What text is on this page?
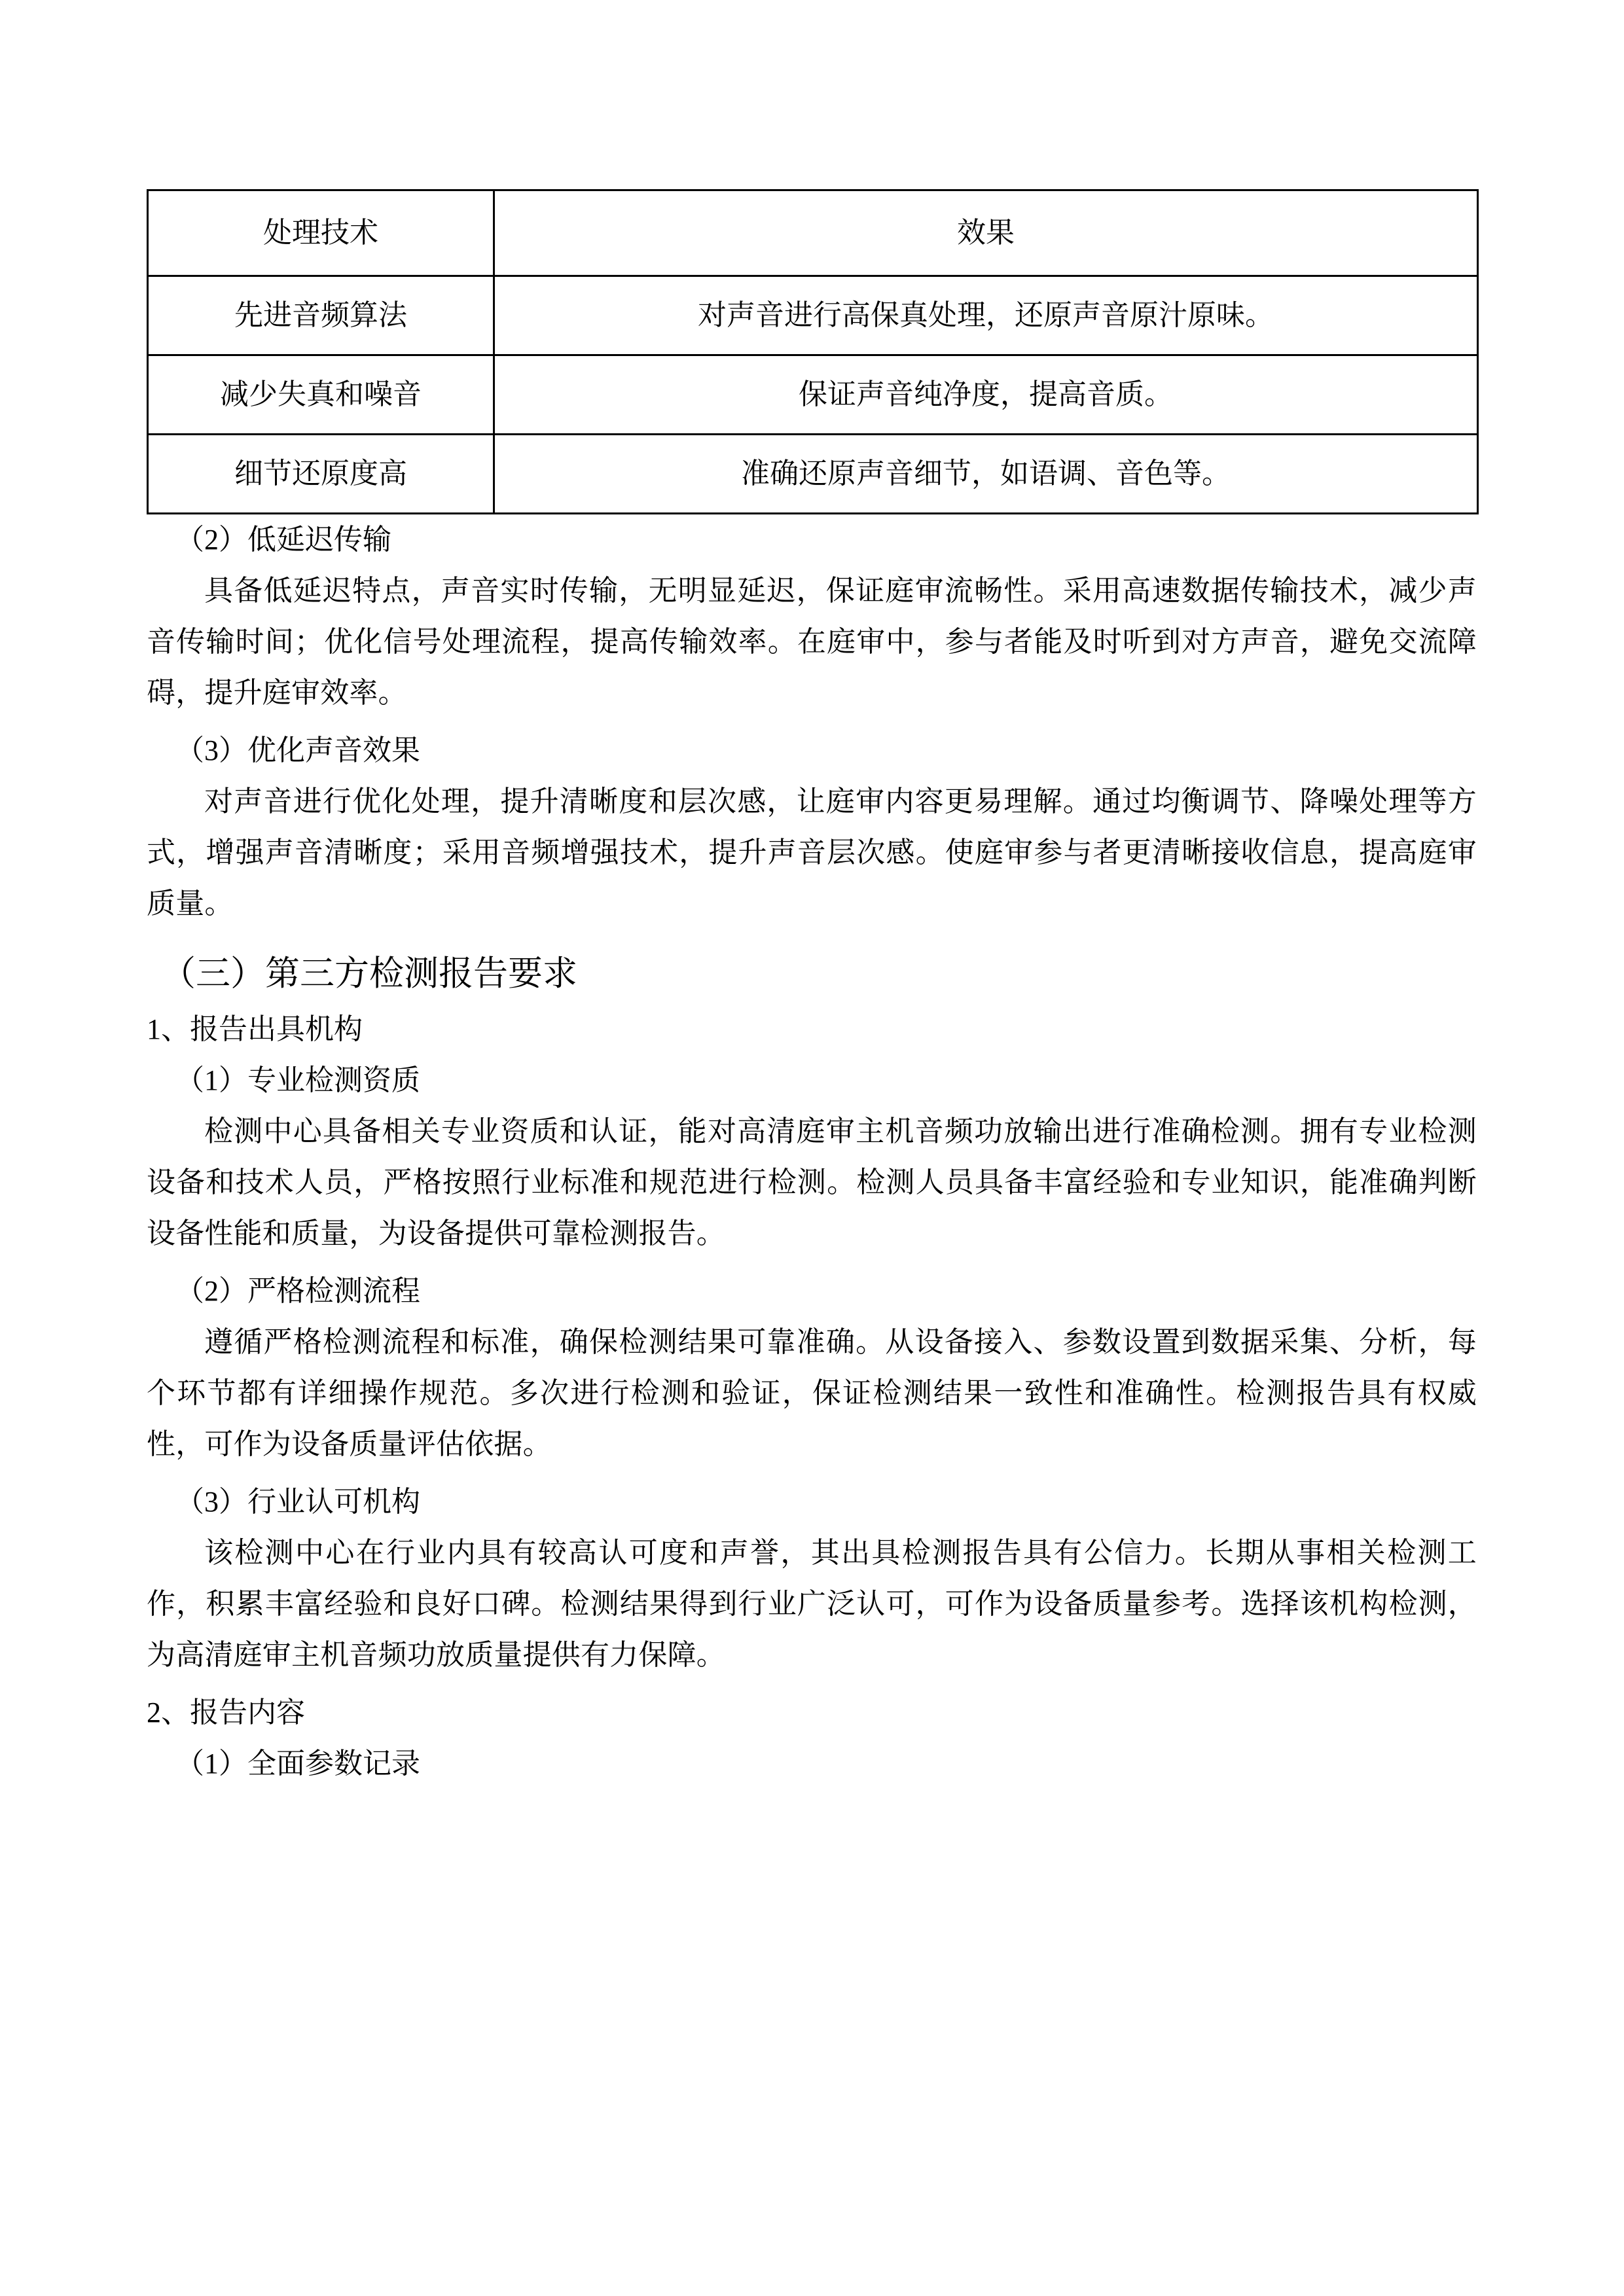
处理技术	效果
先进音频算法	对声音进行高保真处理，还原声音原汁原味。
减少失真和噪音	保证声音纯净度，提高音质。
细节还原度高	准确还原声音细节，如语调、音色等。

（2）低延迟传输

具备低延迟特点，声音实时传输，无明显延迟，保证庭审流畅性。采用高速数据传输技术，减少声音传输时间；优化信号处理流程，提高传输效率。在庭审中，参与者能及时听到对方声音，避免交流障碍，提升庭审效率。

（3）优化声音效果

对声音进行优化处理，提升清晰度和层次感，让庭审内容更易理解。通过均衡调节、降噪处理等方式，增强声音清晰度；采用音频增强技术，提升声音层次感。使庭审参与者更清晰接收信息，提高庭审质量。

（三）第三方检测报告要求

1、报告出具机构

（1）专业检测资质

检测中心具备相关专业资质和认证，能对高清庭审主机音频功放输出进行准确检测。拥有专业检测设备和技术人员，严格按照行业标准和规范进行检测。检测人员具备丰富经验和专业知识，能准确判断设备性能和质量，为设备提供可靠检测报告。

（2）严格检测流程

遵循严格检测流程和标准，确保检测结果可靠准确。从设备接入、参数设置到数据采集、分析，每个环节都有详细操作规范。多次进行检测和验证，保证检测结果一致性和准确性。检测报告具有权威性，可作为设备质量评估依据。

（3）行业认可机构

该检测中心在行业内具有较高认可度和声誉，其出具检测报告具有公信力。长期从事相关检测工作，积累丰富经验和良好口碑。检测结果得到行业广泛认可，可作为设备质量参考。选择该机构检测，为高清庭审主机音频功放质量提供有力保障。

2、报告内容

（1）全面参数记录
